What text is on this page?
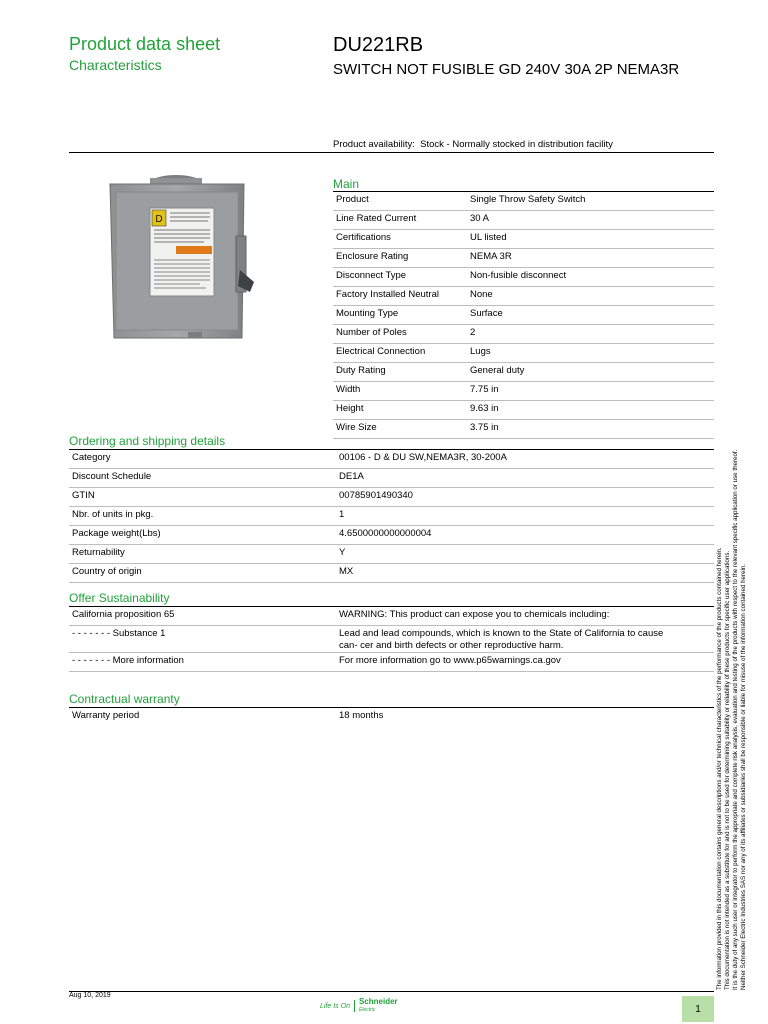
Product data sheet
Characteristics
DU221RB
SWITCH NOT FUSIBLE GD 240V 30A 2P NEMA3R
Product availability: Stock - Normally stocked in distribution facility
D
Main
Product	Single Throw Safety Switch
Line Rated Current	30 A
Certifications	UL listed
Enclosure Rating	NEMA 3R
Disconnect Type	Non-fusible disconnect
Factory Installed Neutral	None
Mounting Type	Surface
Number of Poles	2
Electrical Connection	Lugs
Duty Rating	General duty
Width	7.75 in
Height	9.63 in
Wire Size	3.75 in
Ordering and shipping details
Category	00106 - D & DU SW,NEMA3R, 30-200A
Discount Schedule	DE1A
GTIN	00785901490340
Nbr. of units in pkg.	1
Package weight(Lbs)	4.6500000000000004
Returnability	Y
Country of origin	MX
Offer Sustainability
California proposition 65	WARNING: This product can expose you to chemicals including:
- - - - - - - Substance 1	Lead and lead compounds, which is known to the State of California to cause can- cer and birth defects or other reproductive harm.
- - - - - - - More information	For more information go to www.p65warnings.ca.gov
Contractual warranty
Warranty period	18 months	The information provided in this documentation contains general descriptions and/or technical characteristics of the performance of the products contained herein. This documentation is not intended as a substitute for and is not to be used for determining suitability or reliability of these products for specific user applications. It is the duty of any such user or integrator to perform the appropriate and complete risk analysis, evaluation and testing of the products with respect to the relevant specific application or use thereof. Neither Schneider Electric Industries SAS nor any of its affiliates or subsidiaries shall be responsible or liable for misuse of the information contained herein.
Aug 10, 2019
Life Is On Schneider
Electric	1
